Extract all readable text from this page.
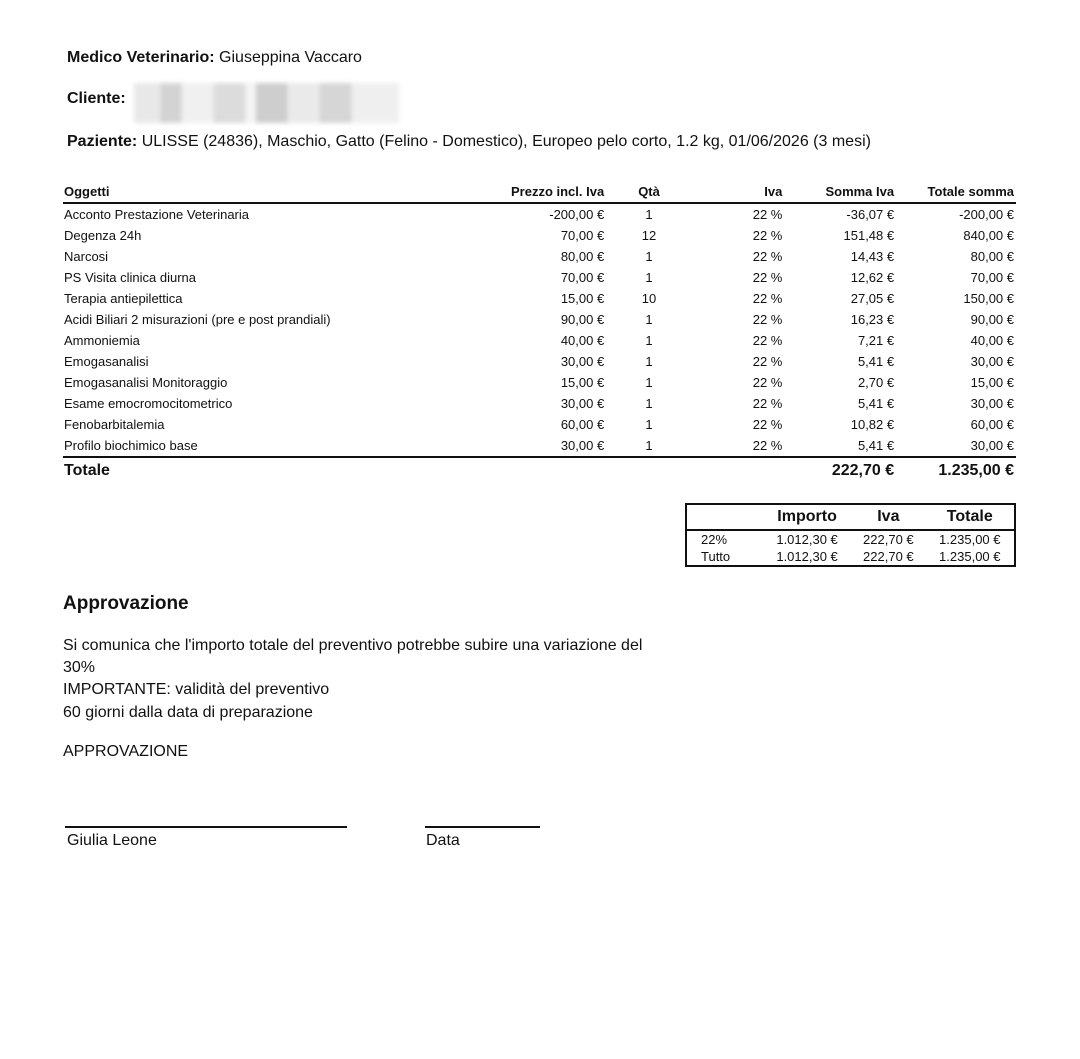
Medico Veterinario: Giuseppina Vaccaro
Cliente:
Paziente: ULISSE (24836), Maschio, Gatto (Felino - Domestico), Europeo pelo corto, 1.2 kg, 01/06/2026 (3 mesi)
Oggetti	Prezzo incl. Iva	Qtà	Iva	Somma Iva	Totale somma
Acconto Prestazione Veterinaria	-200,00 €	1	22 %	-36,07 €	-200,00 €
Degenza 24h	70,00 €	12	22 %	151,48 €	840,00 €
Narcosi	80,00 €	1	22 %	14,43 €	80,00 €
PS Visita clinica diurna	70,00 €	1	22 %	12,62 €	70,00 €
Terapia antiepilettica	15,00 €	10	22 %	27,05 €	150,00 €
Acidi Biliari 2 misurazioni (pre e post prandiali)	90,00 €	1	22 %	16,23 €	90,00 €
Ammoniemia	40,00 €	1	22 %	7,21 €	40,00 €
Emogasanalisi	30,00 €	1	22 %	5,41 €	30,00 €
Emogasanalisi Monitoraggio	15,00 €	1	22 %	2,70 €	15,00 €
Esame emocromocitometrico	30,00 €	1	22 %	5,41 €	30,00 €
Fenobarbitalemia	60,00 €	1	22 %	10,82 €	60,00 €
Profilo biochimico base	30,00 €	1	22 %	5,41 €	30,00 €
Totale				222,70 €	1.235,00 €
	Importo	Iva	Totale
22%	1.012,30 €	222,70 €	1.235,00 €
Tutto	1.012,30 €	222,70 €	1.235,00 €
Approvazione
Si comunica che l'importo totale del preventivo potrebbe subire una variazione del
30%
IMPORTANTE: validità del preventivo
60 giorni dalla data di preparazione
APPROVAZIONE
Giulia Leone	Data
